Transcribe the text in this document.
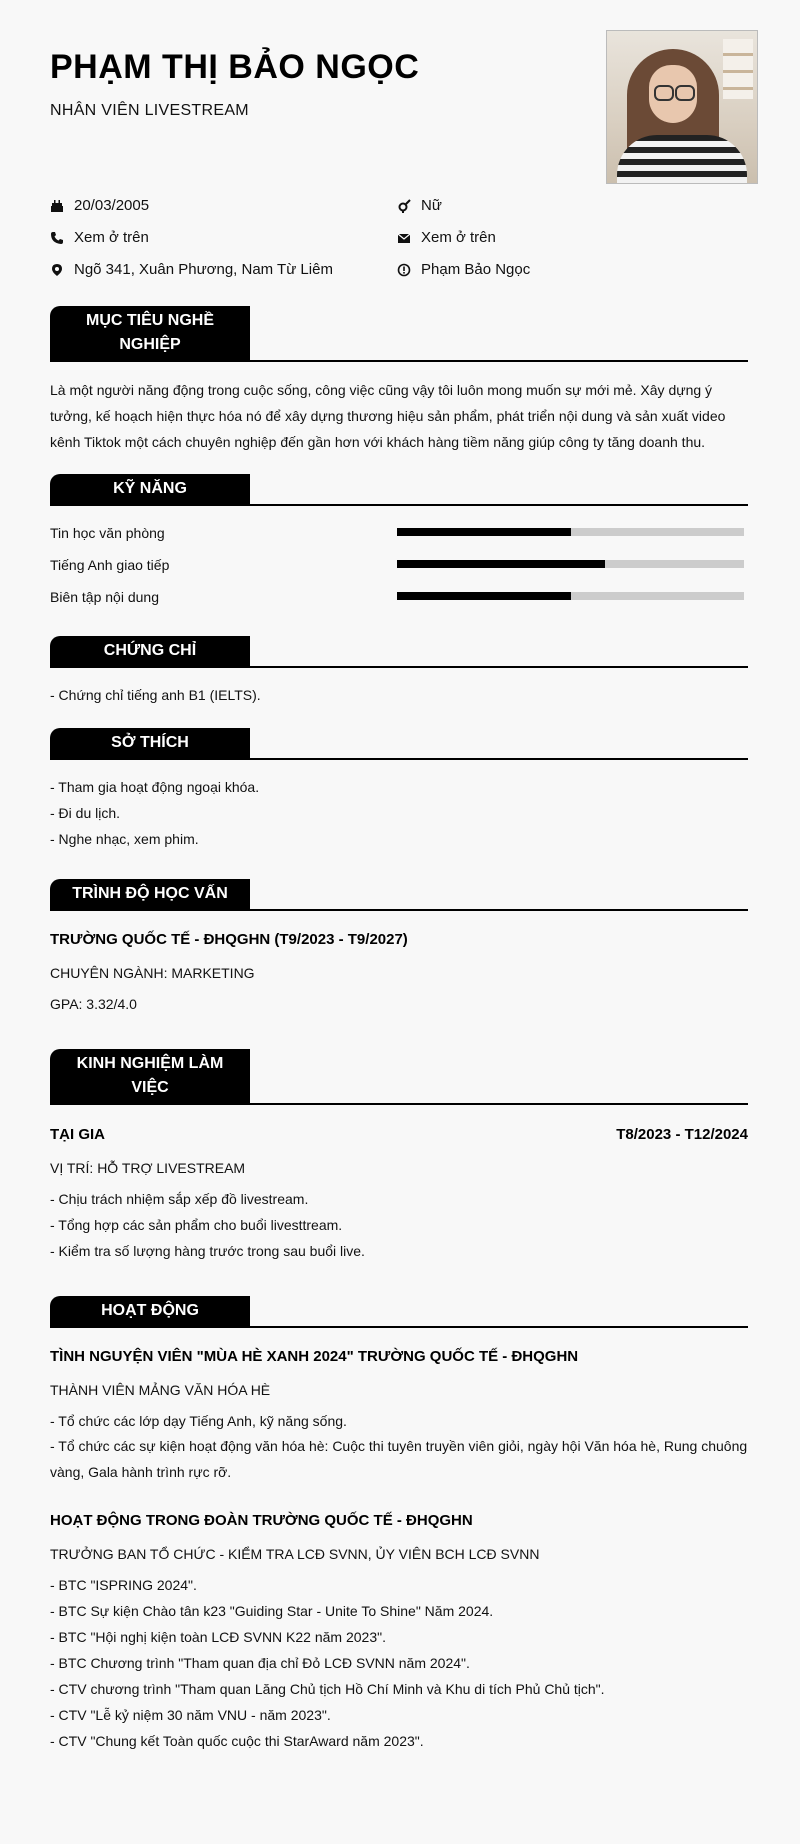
PHẠM THỊ BẢO NGỌC
NHÂN VIÊN LIVESTREAM
20/03/2005	Nữ
Xem ở trên	Xem ở trên
Ngõ 341, Xuân Phương, Nam Từ Liêm	Phạm Bảo Ngọc
MỤC TIÊU NGHỀ NGHIỆP
Là một người năng động trong cuộc sống, công việc cũng vậy tôi luôn mong muốn sự mới mẻ. Xây dựng ý tưởng, kế hoạch hiện thực hóa nó để xây dựng thương hiệu sản phẩm, phát triển nội dung và sản xuất video kênh Tiktok một cách chuyên nghiệp đến gần hơn với khách hàng tiềm năng giúp công ty tăng doanh thu.
KỸ NĂNG
Tin học văn phòng
Tiếng Anh giao tiếp
Biên tập nội dung
CHỨNG CHỈ
- Chứng chỉ tiếng anh B1 (IELTS).
SỞ THÍCH
- Tham gia hoạt động ngoại khóa.
- Đi du lịch.
- Nghe nhạc, xem phim.
TRÌNH ĐỘ HỌC VẤN
TRƯỜNG QUỐC TẾ - ĐHQGHN (T9/2023 - T9/2027)
CHUYÊN NGÀNH: MARKETING
GPA: 3.32/4.0
KINH NGHIỆM LÀM VIỆC
TẠI GIA	T8/2023 - T12/2024
VỊ TRÍ: HỖ TRỢ LIVESTREAM
- Chịu trách nhiệm sắp xếp đồ livestream.
- Tổng hợp các sản phẩm cho buổi livesttream.
- Kiểm tra số lượng hàng trước trong sau buổi live.
HOẠT ĐỘNG
TÌNH NGUYỆN VIÊN "MÙA HÈ XANH 2024" TRƯỜNG QUỐC TẾ - ĐHQGHN
THÀNH VIÊN MẢNG VĂN HÓA HÈ
- Tổ chức các lớp dạy Tiếng Anh, kỹ năng sống.
- Tổ chức các sự kiện hoạt động văn hóa hè: Cuộc thi tuyên truyền viên giỏi, ngày hội Văn hóa hè, Rung chuông vàng, Gala hành trình rực rỡ.
HOẠT ĐỘNG TRONG ĐOÀN TRƯỜNG QUỐC TẾ - ĐHQGHN
TRƯỞNG BAN TỔ CHỨC - KIỂM TRA LCĐ SVNN, ỦY VIÊN BCH LCĐ SVNN
- BTC "ISPRING 2024".
- BTC Sự kiện Chào tân k23 "Guiding Star - Unite To Shine" Năm 2024.
- BTC "Hội nghị kiện toàn LCĐ SVNN K22 năm 2023".
- BTC Chương trình "Tham quan địa chỉ Đỏ LCĐ SVNN năm 2024".
- CTV chương trình "Tham quan Lăng Chủ tịch Hồ Chí Minh và Khu di tích Phủ Chủ tịch".
- CTV "Lễ kỷ niệm 30 năm VNU - năm 2023".
- CTV "Chung kết Toàn quốc cuộc thi StarAward năm 2023".
